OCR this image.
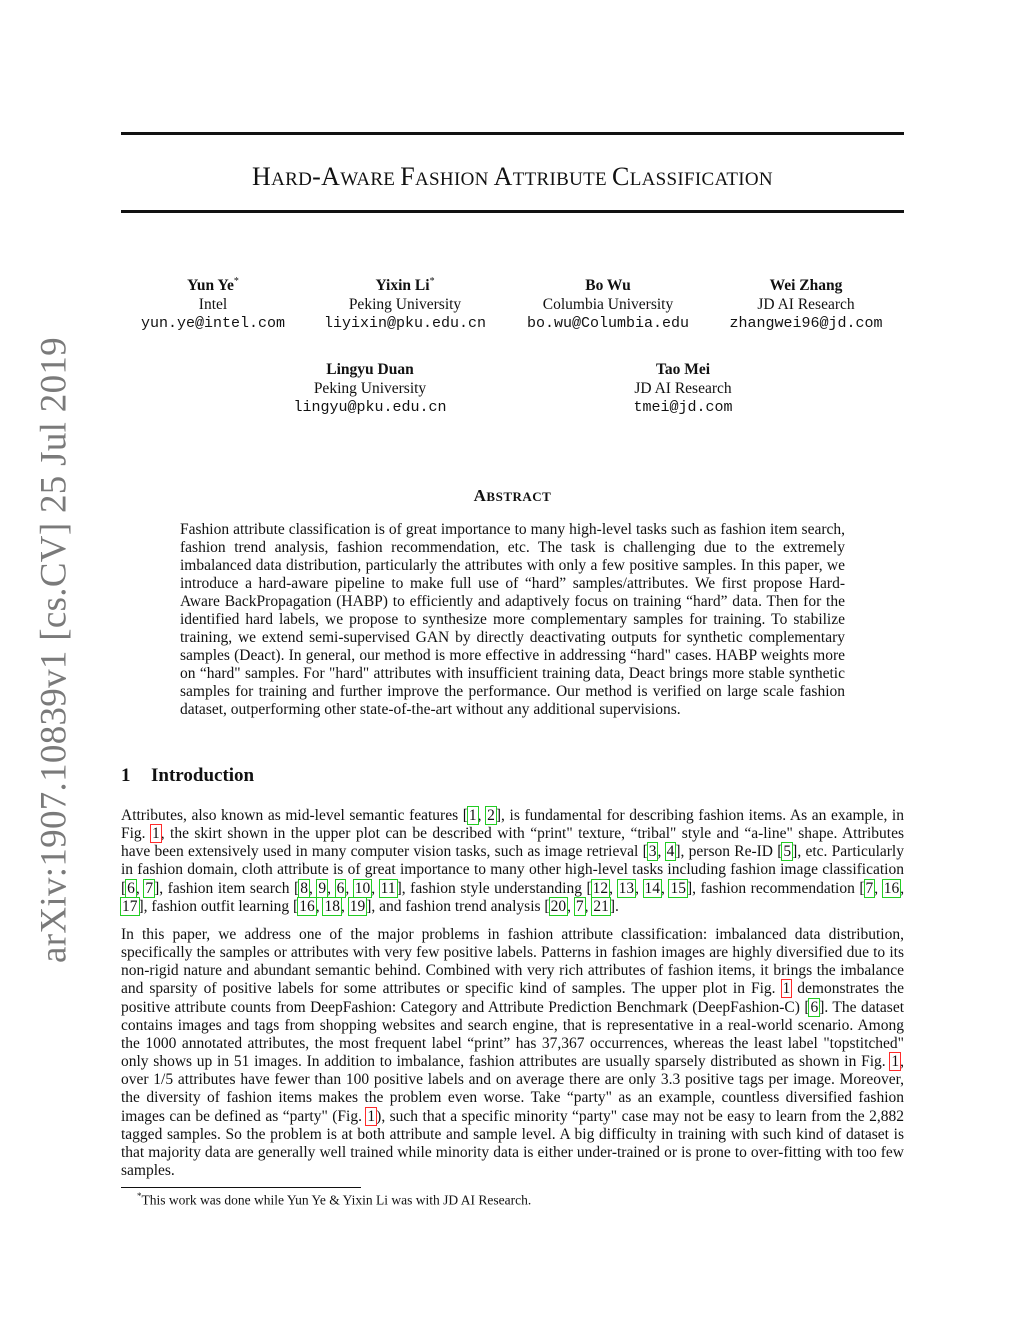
arXiv:1907.10839v1 [cs.CV] 25 Jul 2019
HARD-AWARE FASHION ATTRIBUTE CLASSIFICATION
Yun Ye*
Intel
yun.ye@intel.com
Yixin Li*
Peking University
liyixin@pku.edu.cn
Bo Wu
Columbia University
bo.wu@Columbia.edu
Wei Zhang
JD AI Research
zhangwei96@jd.com
Lingyu Duan
Peking University
lingyu@pku.edu.cn
Tao Mei
JD AI Research
tmei@jd.com
ABSTRACT
Fashion attribute classification is of great importance to many high-level tasks such as fashion item search, fashion trend analysis, fashion recommendation, etc. The task is challenging due to the extremely imbalanced data distribution, particularly the attributes with only a few positive samples. In this paper, we introduce a hard-aware pipeline to make full use of “hard” samples/attributes. We first propose Hard-Aware BackPropagation (HABP) to efficiently and adaptively focus on training “hard” data. Then for the identified hard labels, we propose to synthesize more complementary samples for training. To stabilize training, we extend semi-supervised GAN by directly deactivating outputs for synthetic complementary samples (Deact). In general, our method is more effective in addressing “hard" cases. HABP weights more on “hard" samples. For "hard" attributes with insufficient training data, Deact brings more stable synthetic samples for training and further improve the performance. Our method is verified on large scale fashion dataset, outperforming other state-of-the-art without any additional supervisions.
1 Introduction
Attributes, also known as mid-level semantic features [1, 2], is fundamental for describing fashion items. As an example, in Fig. 1, the skirt shown in the upper plot can be described with “print" texture, “tribal" style and “a-line" shape. Attributes have been extensively used in many computer vision tasks, such as image retrieval [3, 4], person Re-ID [5], etc. Particularly in fashion domain, cloth attribute is of great importance to many other high-level tasks including fashion image classification [6, 7], fashion item search [8, 9, 6, 10, 11], fashion style understanding [12, 13, 14, 15], fashion recommendation [7, 16, 17], fashion outfit learning [16, 18, 19], and fashion trend analysis [20, 7, 21].
In this paper, we address one of the major problems in fashion attribute classification: imbalanced data distribution, specifically the samples or attributes with very few positive labels. Patterns in fashion images are highly diversified due to its non-rigid nature and abundant semantic behind. Combined with very rich attributes of fashion items, it brings the imbalance and sparsity of positive labels for some attributes or specific kind of samples. The upper plot in Fig. 1 demonstrates the positive attribute counts from DeepFashion: Category and Attribute Prediction Benchmark (DeepFashion-C) [6]. The dataset contains images and tags from shopping websites and search engine, that is representative in a real-world scenario. Among the 1000 annotated attributes, the most frequent label “print” has 37,367 occurrences, whereas the least label "topstitched" only shows up in 51 images. In addition to imbalance, fashion attributes are usually sparsely distributed as shown in Fig. 1, over 1/5 attributes have fewer than 100 positive labels and on average there are only 3.3 positive tags per image. Moreover, the diversity of fashion items makes the problem even worse. Take “party" as an example, countless diversified fashion images can be defined as “party" (Fig. 1), such that a specific minority “party" case may not be easy to learn from the 2,882 tagged samples. So the problem is at both attribute and sample level. A big difficulty in training with such kind of dataset is that majority data are generally well trained while minority data is either under-trained or is prone to over-fitting with too few samples.
*This work was done while Yun Ye & Yixin Li was with JD AI Research.
